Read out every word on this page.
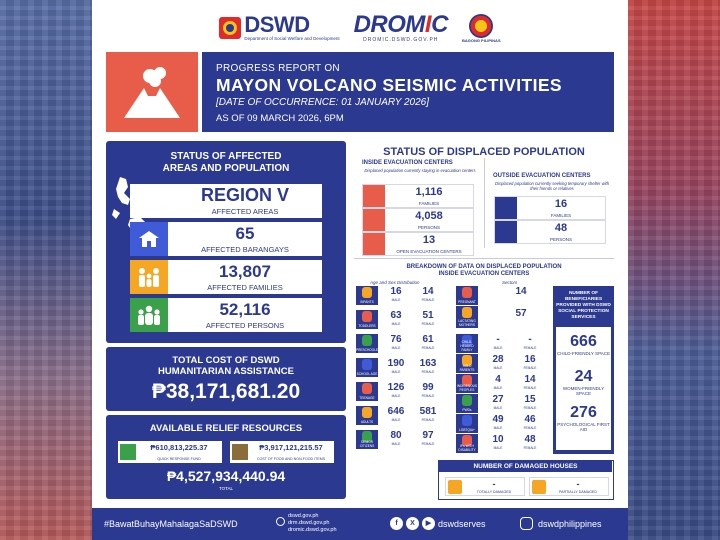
DSWD
Department of Social Welfare and Development
DROMIC
DROMIC.DSWD.GOV.PH	BAGONG PILIPINAS
PROGRESS REPORT ON
MAYON VOLCANO SEISMIC ACTIVITIES
[DATE OF OCCURRENCE: 01 JANUARY 2026]
AS OF 09 MARCH 2026, 6PM
STATUS OF AFFECTED
AREAS AND POPULATION
REGION V
AFFECTED AREAS
65
AFFECTED BARANGAYS
13,807
AFFECTED FAMILIES
52,116
AFFECTED PERSONS
TOTAL COST OF DSWD
HUMANITARIAN ASSISTANCE
₱38,171,681.20
AVAILABLE RELIEF RESOURCES
₱610,813,225.37
QUICK RESPONSE FUND
₱3,917,121,215.57
COST OF FOOD AND NON-FOOD ITEMS
₱4,527,934,440.94
TOTAL
STATUS OF DISPLACED POPULATION
INSIDE EVACUATION CENTERS
Displaced population currently staying in evacuation centers
1,116
FAMILIES
4,058
PERSONS
13
OPEN EVACUATION CENTERS
OUTSIDE EVACUATION CENTERS
Displaced population currently seeking temporary shelter with their friends or relatives
16
FAMILIES
48
PERSONS
BREAKDOWN OF DATA ON DISPLACED POPULATION
INSIDE EVACUATION CENTERS
Age and Sex Distribution	Sectors
INFANTS
16
MALE
14
FEMALE
TODDLERS
63
MALE
51
FEMALE
PRESCHOOLERS
76
MALE
61
FEMALE
SCHOOL AGE
190
MALE
163
FEMALE
TEENAGE
126
MALE
99
FEMALE
ADULTS
646
MALE
581
FEMALE
SENIOR CITIZENS
80
MALE
97
FEMALE
CHILD-HEADED FAMILY
-
MALE
-
FEMALE
SOLO PARENTS
28
MALE
16
FEMALE
INDIGENOUS PEOPLES
4
MALE
14
FEMALE
PWDs
27
MALE
15
FEMALE
LGBTQIA+
49
MALE
46
FEMALE
IPs WITH DISABILITY
10
MALE
48
FEMALE
PREGNANT
14
LACTATING MOTHERS
57
NUMBER OF BENEFICIARIES PROVIDED WITH DSWD SOCIAL PROTECTION SERVICES
666
CHILD-FRIENDLY SPACE
24
WOMEN-FRIENDLY SPACE
276
PSYCHOLOGICAL FIRST AID
NUMBER OF DAMAGED HOUSES
-
TOTALLY DAMAGED
-
PARTIALLY DAMAGED
#BawatBuhayMahalagaSaDSWD
dswd.gov.ph
drm.dswd.gov.ph
dromic.dswd.gov.ph
f	X	▶ dswdserves	dswdphilippines
